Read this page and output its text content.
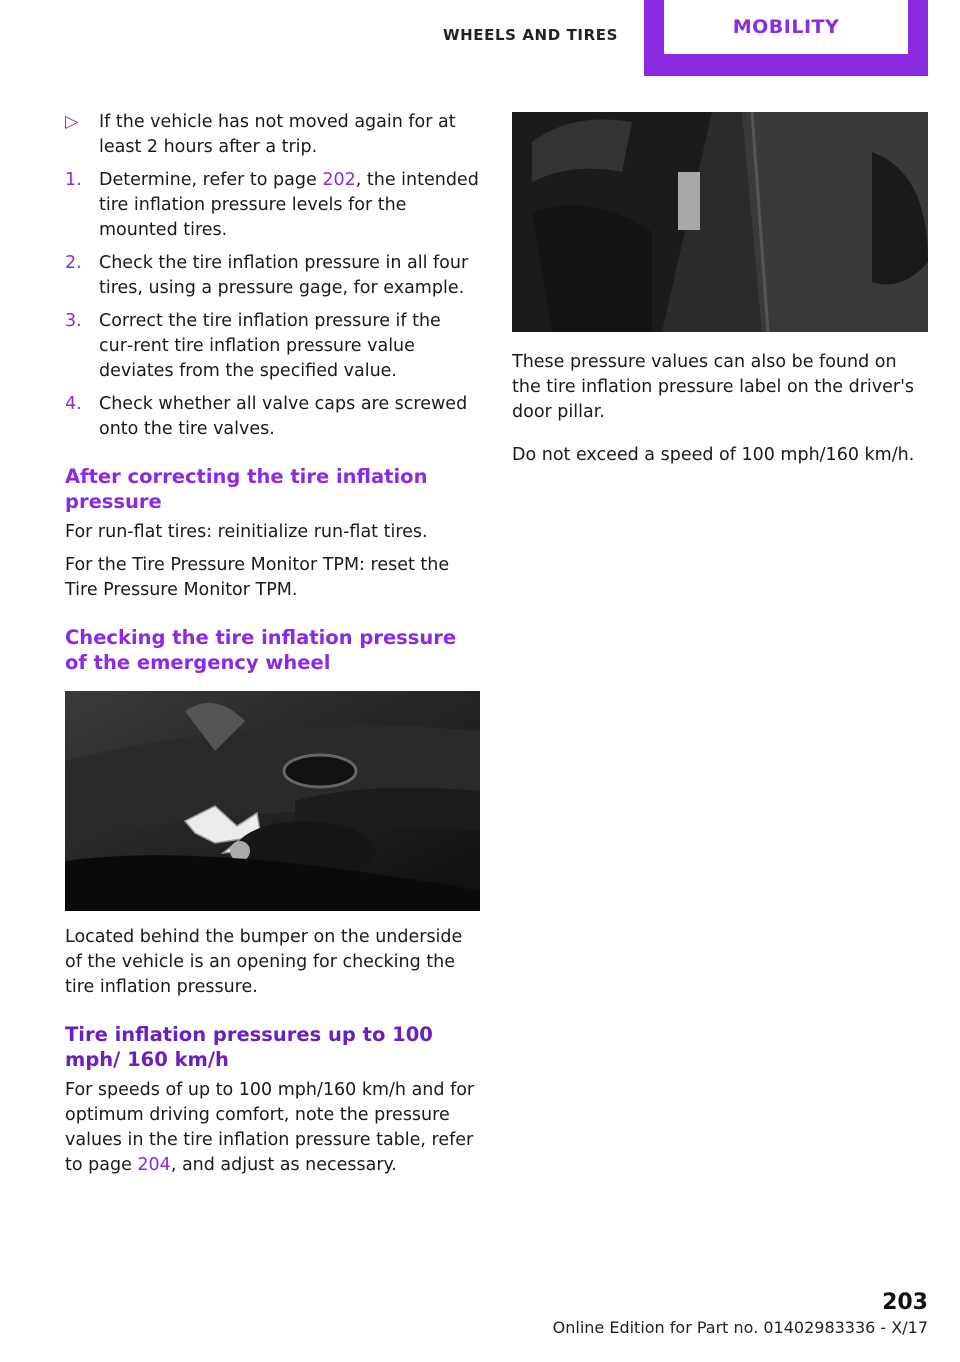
WHEELS AND TIRES	MOBILITY
▷	If the vehicle has not moved again for at least 2 hours after a trip.
1. Determine, refer to page 202, the intended tire inflation pressure levels for the mounted tires.
2. Check the tire inflation pressure in all four tires, using a pressure gage, for example.
3. Correct the tire inflation pressure if the cur‐rent tire inflation pressure value deviates from the specified value.
4. Check whether all valve caps are screwed onto the tire valves.
After correcting the tire inflation pressure

For run-flat tires: reinitialize run-flat tires.

For the Tire Pressure Monitor TPM: reset the Tire Pressure Monitor TPM.

Checking the tire inflation pressure of the emergency wheel

Located behind the bumper on the underside of the vehicle is an opening for checking the tire inflation pressure.

Tire inflation pressures up to 100 mph/ 160 km/h

For speeds of up to 100 mph/160 km/h and for optimum driving comfort, note the pressure values in the tire inflation pressure table, refer to page 204, and adjust as necessary.

These pressure values can also be found on the tire inflation pressure label on the driver's door pillar.

Do not exceed a speed of 100 mph/160 km/h.

203
Online Edition for Part no. 01402983336 - X/17
